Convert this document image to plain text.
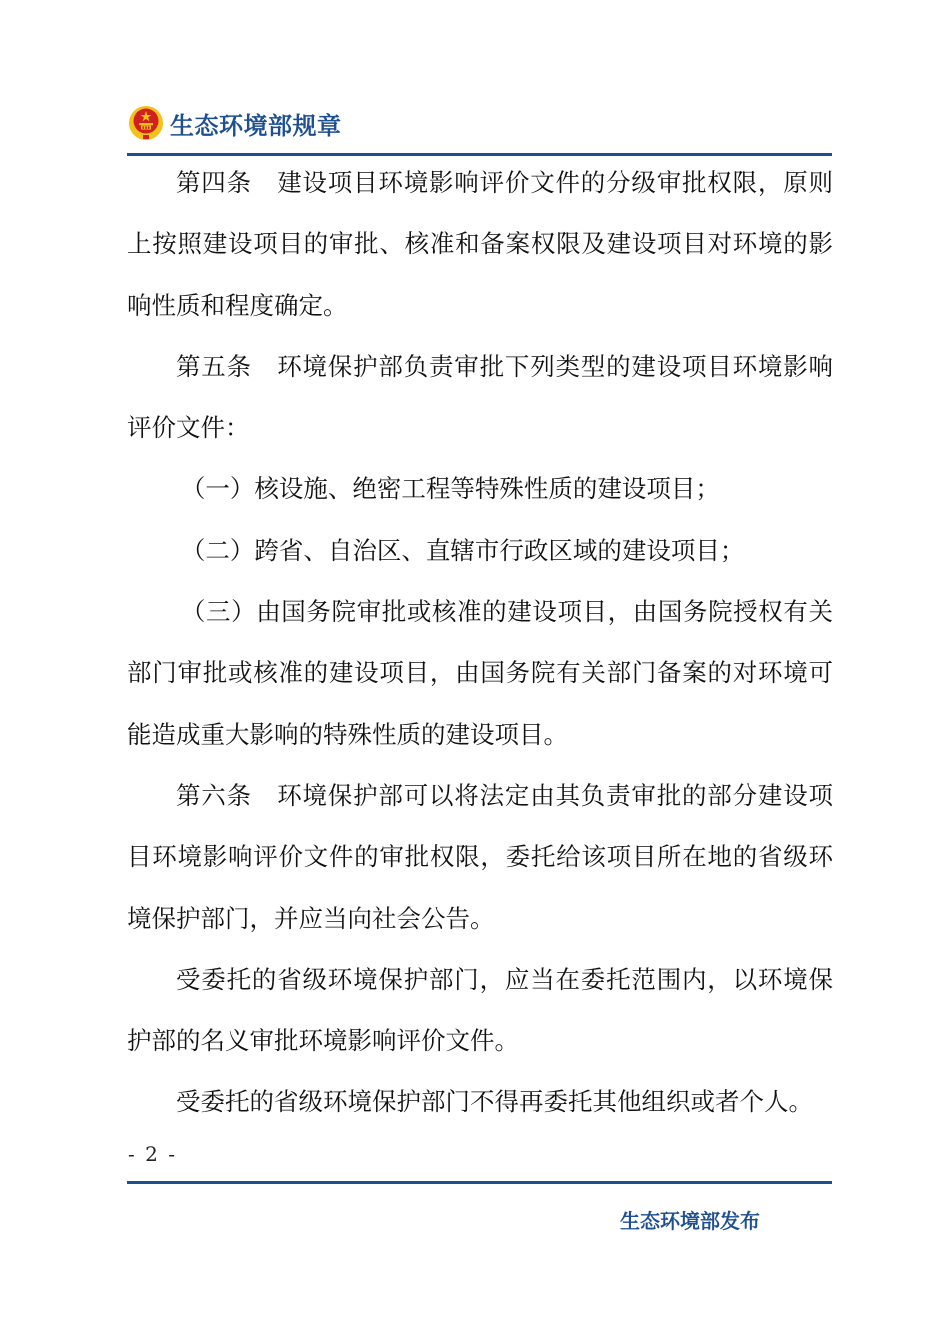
生态环境部规章

第四条　建设项目环境影响评价文件的分级审批权限，原则上按照建设项目的审批、核准和备案权限及建设项目对环境的影响性质和程度确定。

第五条　环境保护部负责审批下列类型的建设项目环境影响评价文件：

（一）核设施、绝密工程等特殊性质的建设项目；

（二）跨省、自治区、直辖市行政区域的建设项目；

（三）由国务院审批或核准的建设项目，由国务院授权有关部门审批或核准的建设项目，由国务院有关部门备案的对环境可能造成重大影响的特殊性质的建设项目。

第六条　环境保护部可以将法定由其负责审批的部分建设项目环境影响评价文件的审批权限，委托给该项目所在地的省级环境保护部门，并应当向社会公告。

受委托的省级环境保护部门，应当在委托范围内，以环境保护部的名义审批环境影响评价文件。

受委托的省级环境保护部门不得再委托其他组织或者个人。

- 2 -
生态环境部发布
